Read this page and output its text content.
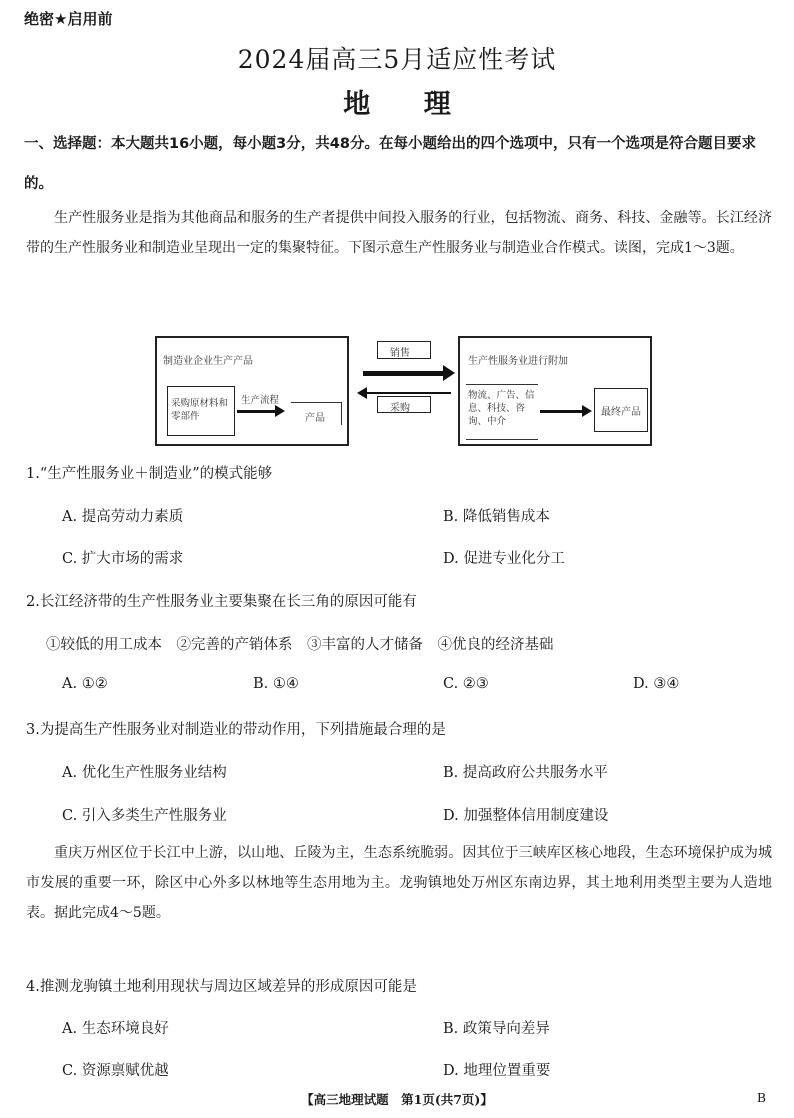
绝密★启用前
2024届高三5月适应性考试
地 理
一、选择题：本大题共16小题，每小题3分，共48分。在每小题给出的四个选项中，只有一个选项是符合题目要求的。
生产性服务业是指为其他商品和服务的生产者提供中间投入服务的行业，包括物流、商务、科技、金融等。长江经济带的生产性服务业和制造业呈现出一定的集聚特征。下图示意生产性服务业与制造业合作模式。读图，完成1～3题。
制造业企业生产产品
采购原材料和零部件
生产流程
产品
销售
采购
生产性服务业进行附加
物流、广告、信息、科技、咨询、中介
最终产品
1.“生产性服务业＋制造业”的模式能够
A. 提高劳动力素质	B. 降低销售成本
C. 扩大市场的需求	D. 促进专业化分工
2.长江经济带的生产性服务业主要集聚在长三角的原因可能有
①较低的用工成本　②完善的产销体系　③丰富的人才储备　④优良的经济基础
A. ①②	B. ①④	C. ②③	D. ③④
3.为提高生产性服务业对制造业的带动作用，下列措施最合理的是
A. 优化生产性服务业结构	B. 提高政府公共服务水平
C. 引入多类生产性服务业	D. 加强整体信用制度建设
重庆万州区位于长江中上游，以山地、丘陵为主，生态系统脆弱。因其位于三峡库区核心地段，生态环境保护成为城市发展的重要一环，除区中心外多以林地等生态用地为主。龙驹镇地处万州区东南边界，其土地利用类型主要为人造地表。据此完成4～5题。
4.推测龙驹镇土地利用现状与周边区域差异的形成原因可能是
A. 生态环境良好	B. 政策导向差异
C. 资源禀赋优越	D. 地理位置重要
【高三地理试题　第1页(共7页)】	B
